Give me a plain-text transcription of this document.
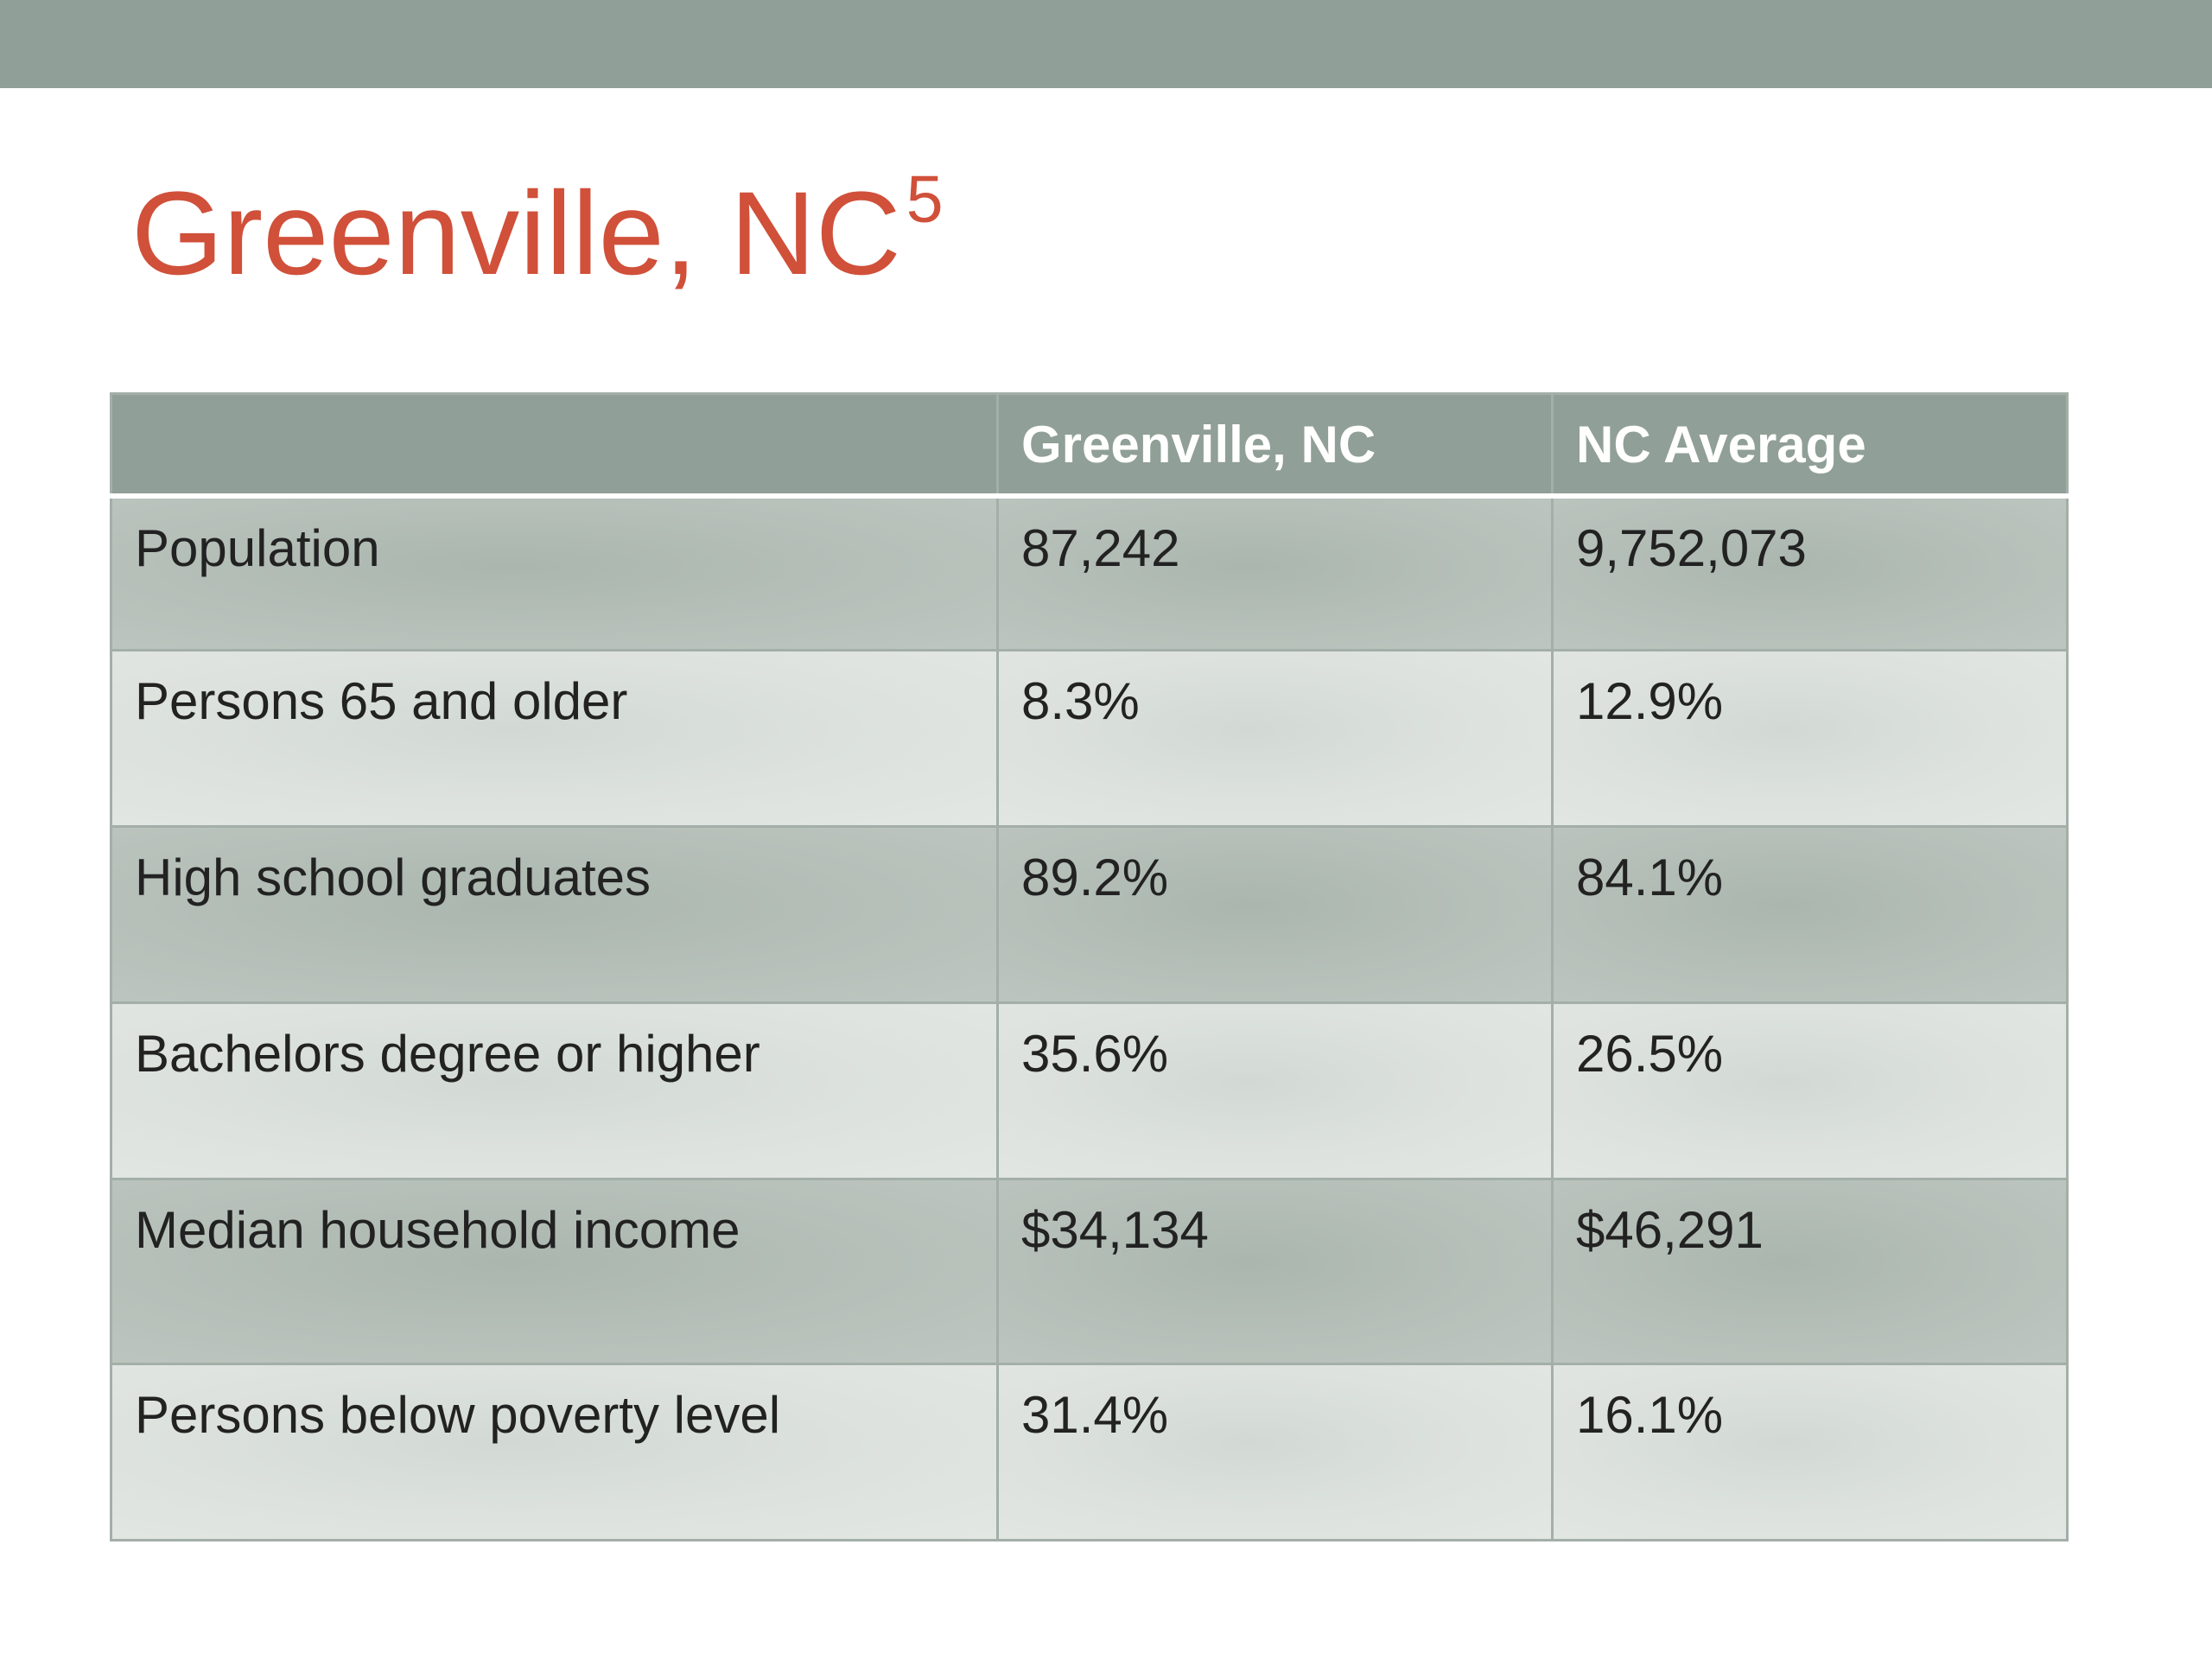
Greenville, $NC^5$
	Greenville, NC	NC Average
Population	87,242	9,752,073
Persons 65 and older	8.3%	12.9%
High school graduates	89.2%	84.1%
Bachelors degree or higher	35.6%	26.5%
Median household income	$34,134	$46,291
Persons below poverty level	31.4%	16.1%
